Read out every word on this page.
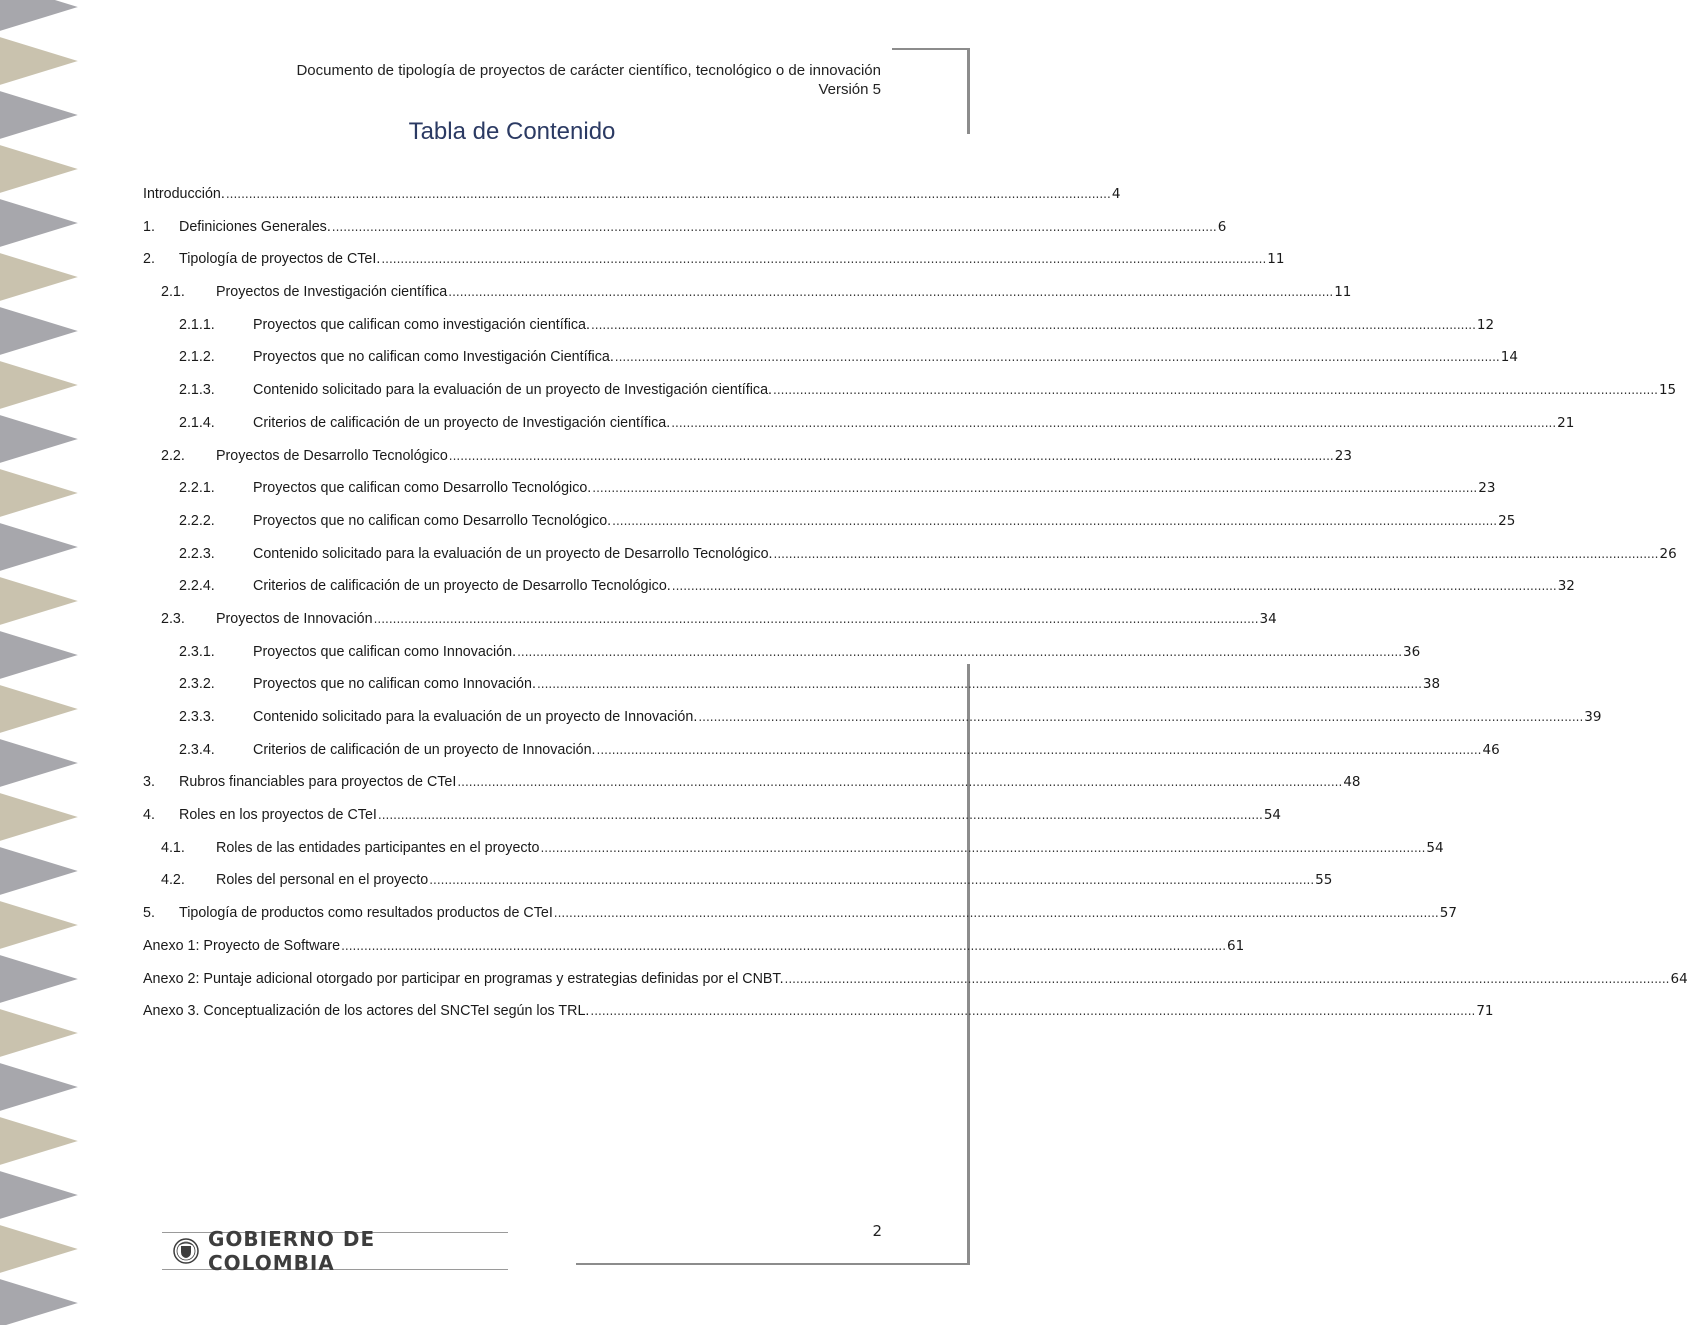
Documento de tipología de proyectos de carácter científico, tecnológico o de innovación
Versión 5
Tabla de Contenido
Introducción. .....	4
1.	Definiciones Generales. .....	6
2.	Tipología de proyectos de CTeI. .....	11
2.1.	Proyectos de Investigación científica .....	11
2.1.1.	Proyectos que califican como investigación científica. .....	12
2.1.2.	Proyectos que no califican como Investigación Científica. .....	14
2.1.3.	Contenido solicitado para la evaluación de un proyecto de Investigación científica. .....	15
2.1.4.	Criterios de calificación de un proyecto de Investigación científica. .....	21
2.2.	Proyectos de Desarrollo Tecnológico .....	23
2.2.1.	Proyectos que califican como Desarrollo Tecnológico. .....	23
2.2.2.	Proyectos que no califican como Desarrollo Tecnológico. .....	25
2.2.3.	Contenido solicitado para la evaluación de un proyecto de Desarrollo Tecnológico. .....	26
2.2.4.	Criterios de calificación de un proyecto de Desarrollo Tecnológico. .....	32
2.3.	Proyectos de Innovación .....	34
2.3.1.	Proyectos que califican como Innovación. .....	36
2.3.2.	Proyectos que no califican como Innovación. .....	38
2.3.3.	Contenido solicitado para la evaluación de un proyecto de Innovación. .....	39
2.3.4.	Criterios de calificación de un proyecto de Innovación. .....	46
3.	Rubros financiables para proyectos de CTeI .....	48
4.	Roles en los proyectos de CTeI .....	54
4.1.	Roles de las entidades participantes en el proyecto .....	54
4.2.	Roles del personal en el proyecto .....	55
5.	Tipología de productos como resultados productos de CTeI .....	57
Anexo 1: Proyecto de Software .....	61
Anexo 2: Puntaje adicional otorgado por participar en programas y estrategias definidas por el CNBT. .....	64
Anexo 3. Conceptualización de los actores del SNCTeI según los TRL. .....	71
2
GOBIERNO DE COLOMBIA
